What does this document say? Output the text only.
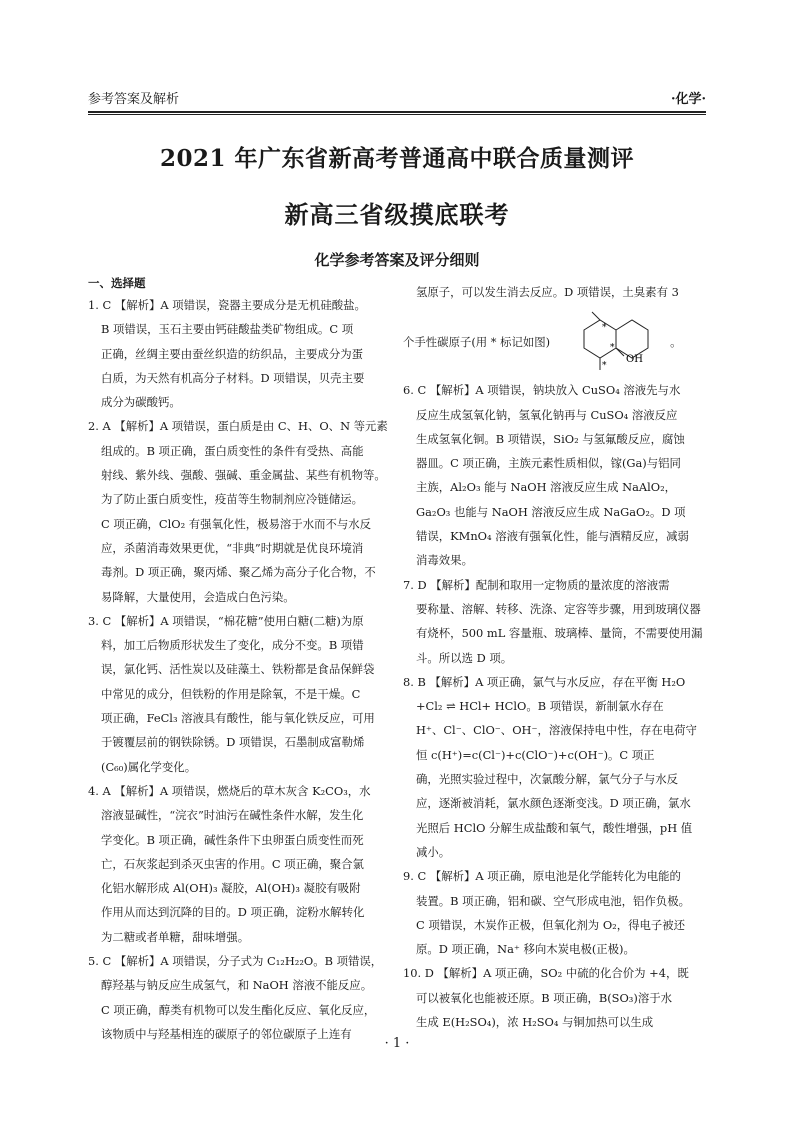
参考答案及解析	·化学·
2021 年广东省新高考普通高中联合质量测评
新高三省级摸底联考
化学参考答案及评分细则
一、选择题
1. C 【解析】A 项错误，瓷器主要成分是无机硅酸盐。
B 项错误，玉石主要由钙硅酸盐类矿物组成。C 项
正确，丝绸主要由蚕丝织造的纺织品，主要成分为蛋
白质，为天然有机高分子材料。D 项错误，贝壳主要
成分为碳酸钙。
2. A 【解析】A 项错误，蛋白质是由 C、H、O、N 等元素
组成的。B 项正确，蛋白质变性的条件有受热、高能
射线、紫外线、强酸、强碱、重金属盐、某些有机物等。
为了防止蛋白质变性，疫苗等生物制剂应冷链储运。
C 项正确，ClO₂ 有强氧化性，极易溶于水而不与水反
应，杀菌消毒效果更优，“非典”时期就是优良环境消
毒剂。D 项正确，聚丙烯、聚乙烯为高分子化合物，不
易降解，大量使用，会造成白色污染。
3. C 【解析】A 项错误，“棉花糖”使用白糖(二糖)为原
料，加工后物质形状发生了变化，成分不变。B 项错
误，氯化钙、活性炭以及硅藻土、铁粉都是食品保鲜袋
中常见的成分，但铁粉的作用是除氧，不是干燥。C
项正确，FeCl₃ 溶液具有酸性，能与氧化铁反应，可用
于镀覆层前的钢铁除锈。D 项错误，石墨制成富勒烯
(C₆₀)属化学变化。
4. A 【解析】A 项错误，燃烧后的草木灰含 K₂CO₃，水
溶液显碱性，“浣衣”时油污在碱性条件水解，发生化
学变化。B 项正确，碱性条件下虫卵蛋白质变性而死
亡，石灰浆起到杀灭虫害的作用。C 项正确，聚合氯
化铝水解形成 Al(OH)₃ 凝胶，Al(OH)₃ 凝胶有吸附
作用从而达到沉降的目的。D 项正确，淀粉水解转化
为二糖或者单糖，甜味增强。
5. C 【解析】A 项错误，分子式为 C₁₂H₂₂O。B 项错误，
醇羟基与钠反应生成氢气，和 NaOH 溶液不能反应。
C 项正确，醇类有机物可以发生酯化反应、氧化反应，
该物质中与羟基相连的碳原子的邻位碳原子上连有
氢原子，可以发生消去反应。D 项错误，土臭素有 3
个手性碳原子(用 * 标记如图)
OH
*
*
*
。
6. C 【解析】A 项错误，钠块放入 CuSO₄ 溶液先与水
反应生成氢氧化钠，氢氧化钠再与 CuSO₄ 溶液反应
生成氢氧化铜。B 项错误，SiO₂ 与氢氟酸反应，腐蚀
器皿。C 项正确，主族元素性质相似，镓(Ga)与铝同
主族，Al₂O₃ 能与 NaOH 溶液反应生成 NaAlO₂，
Ga₂O₃ 也能与 NaOH 溶液反应生成 NaGaO₂。D 项
错误，KMnO₄ 溶液有强氧化性，能与酒精反应，减弱
消毒效果。
7. D 【解析】配制和取用一定物质的量浓度的溶液需
要称量、溶解、转移、洗涤、定容等步骤，用到玻璃仪器
有烧杯，500 mL 容量瓶、玻璃棒、量筒，不需要使用漏
斗。所以选 D 项。
8. B 【解析】A 项正确，氯气与水反应，存在平衡 H₂O
+Cl₂ ⇌ HCl+ HClO。B 项错误，新制氯水存在
H⁺、Cl⁻、ClO⁻、OH⁻，溶液保持电中性，存在电荷守
恒 c(H⁺)=c(Cl⁻)+c(ClO⁻)+c(OH⁻)。C 项正
确，光照实验过程中，次氯酸分解，氯气分子与水反
应，逐渐被消耗，氯水颜色逐渐变浅。D 项正确，氯水
光照后 HClO 分解生成盐酸和氧气，酸性增强，pH 值
减小。
9. C 【解析】A 项正确，原电池是化学能转化为电能的
装置。B 项正确，铝和碳、空气形成电池，铝作负极。
C 项错误，木炭作正极，但氧化剂为 O₂，得电子被还
原。D 项正确，Na⁺ 移向木炭电极(正极)。
10. D 【解析】A 项正确，SO₂ 中硫的化合价为 +4，既
可以被氧化也能被还原。B 项正确，B(SO₃)溶于水
生成 E(H₂SO₄)，浓 H₂SO₄ 与铜加热可以生成
· 1 ·
